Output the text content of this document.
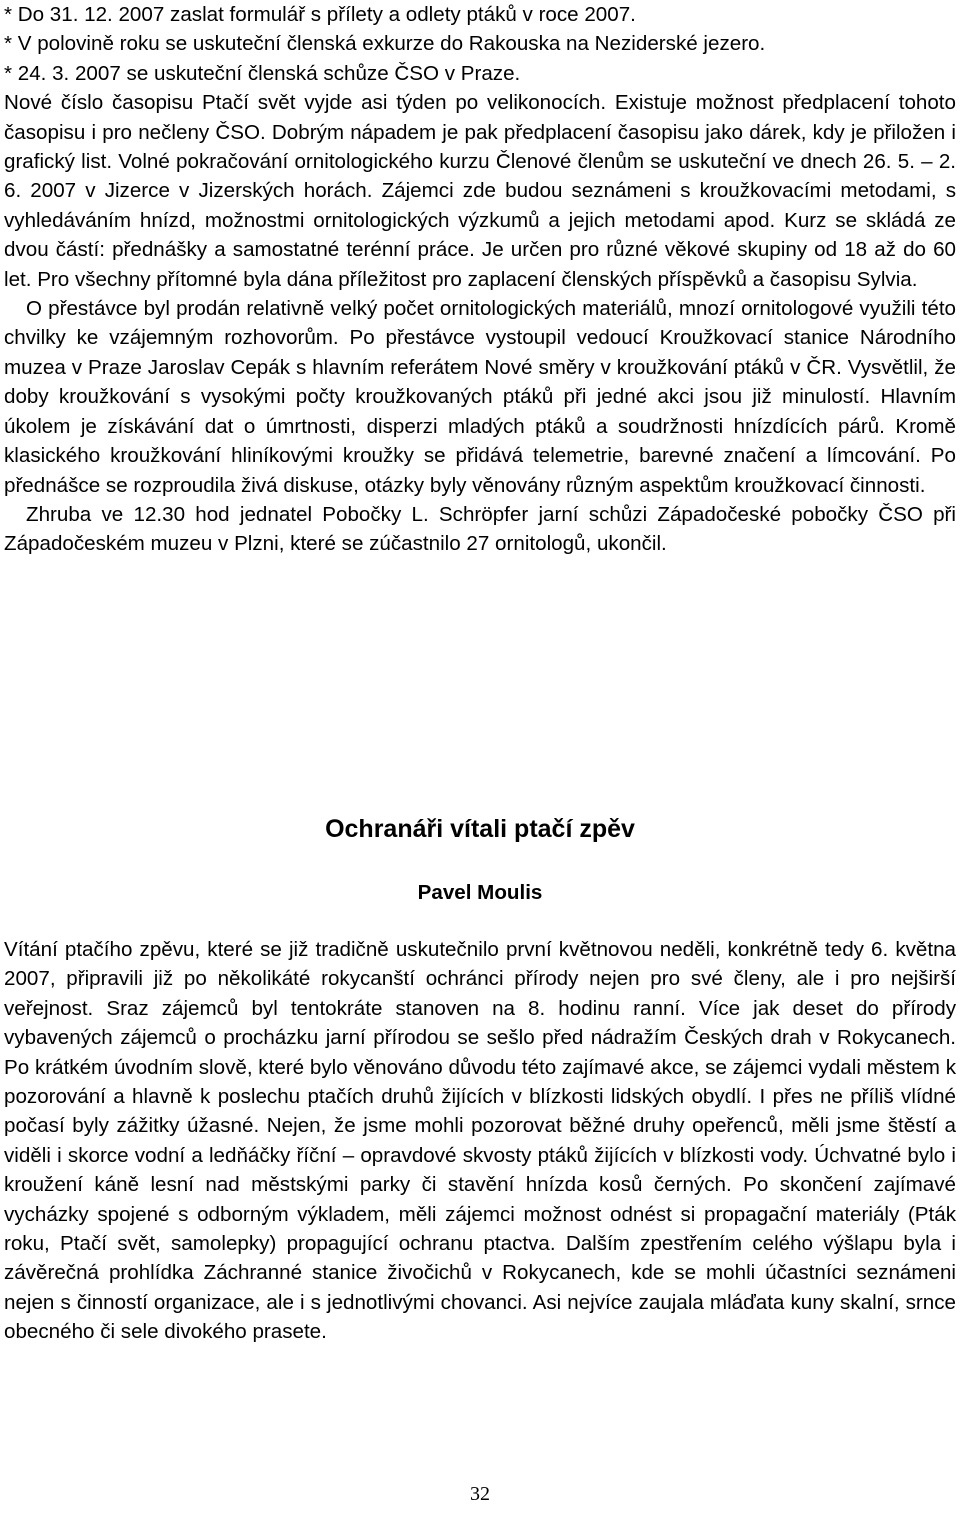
* Do 31. 12. 2007 zaslat formulář s přílety a odlety ptáků v roce 2007.

* V polovině roku se uskuteční členská exkurze do Rakouska na Neziderské jezero.

* 24. 3. 2007 se uskuteční členská schůze ČSO v Praze.

Nové číslo časopisu Ptačí svět vyjde asi týden po velikonocích. Existuje možnost předplacení tohoto časopisu i pro nečleny ČSO. Dobrým nápadem je pak předplacení časopisu jako dárek, kdy je přiložen i grafický list. Volné pokračování ornitologického kurzu Členové členům se uskuteční ve dnech 26. 5. – 2. 6. 2007 v Jizerce v Jizerských horách. Zájemci zde budou seznámeni s kroužkovacími metodami, s vyhledáváním hnízd, možnostmi ornitologických výzkumů a jejich metodami apod. Kurz se skládá ze dvou částí: přednášky a samostatné terénní práce. Je určen pro různé věkové skupiny od 18 až do 60 let. Pro všechny přítomné byla dána příležitost pro zaplacení členských příspěvků a časopisu Sylvia.

O přestávce byl prodán relativně velký počet ornitologických materiálů, mnozí ornitologové využili této chvilky ke vzájemným rozhovorům. Po přestávce vystoupil vedoucí Kroužkovací stanice Národního muzea v Praze Jaroslav Cepák s hlavním referátem Nové směry v kroužkování ptáků v ČR. Vysvětlil, že doby kroužkování s vysokými počty kroužkovaných ptáků při jedné akci jsou již minulostí. Hlavním úkolem je získávání dat o úmrtnosti, disperzi mladých ptáků a soudržnosti hnízdících párů. Kromě klasického kroužkování hliníkovými kroužky se přidává telemetrie, barevné značení a límcování. Po přednášce se rozproudila živá diskuse, otázky byly věnovány různým aspektům kroužkovací činnosti.

Zhruba ve 12.30 hod jednatel Pobočky L. Schröpfer jarní schůzi Západočeské pobočky ČSO při Západočeském muzeu v Plzni, které se zúčastnilo 27 ornitologů, ukončil.

Ochranáři vítali ptačí zpěv
Pavel Moulis

Vítání ptačího zpěvu, které se již tradičně uskutečnilo první květnovou neděli, konkrétně tedy 6. května 2007, připravili již po několikáté rokycanští ochránci přírody nejen pro své členy, ale i pro nejširší veřejnost. Sraz zájemců byl tentokráte stanoven na 8. hodinu ranní. Více jak deset do přírody vybavených zájemců o procházku jarní přírodou se sešlo před nádražím Českých drah v Rokycanech. Po krátkém úvodním slově, které bylo věnováno důvodu této zajímavé akce, se zájemci vydali městem k pozorování a hlavně k poslechu ptačích druhů žijících v blízkosti lidských obydlí. I přes ne příliš vlídné počasí byly zážitky úžasné. Nejen, že jsme mohli pozorovat běžné druhy opeřenců, měli jsme štěstí a viděli i skorce vodní a ledňáčky říční – opravdové skvosty ptáků žijících v blízkosti vody. Úchvatné bylo i kroužení káně lesní nad městskými parky či stavění hnízda kosů černých. Po skončení zajímavé vycházky spojené s odborným výkladem, měli zájemci možnost odnést si propagační materiály (Pták roku, Ptačí svět, samolepky) propagující ochranu ptactva. Dalším zpestřením celého výšlapu byla i závěrečná prohlídka Záchranné stanice živočichů v Rokycanech, kde se mohli účastníci seznámeni nejen s činností organizace, ale i s jednotlivými chovanci. Asi nejvíce zaujala mláďata kuny skalní, srnce obecného či sele divokého prasete.

32
